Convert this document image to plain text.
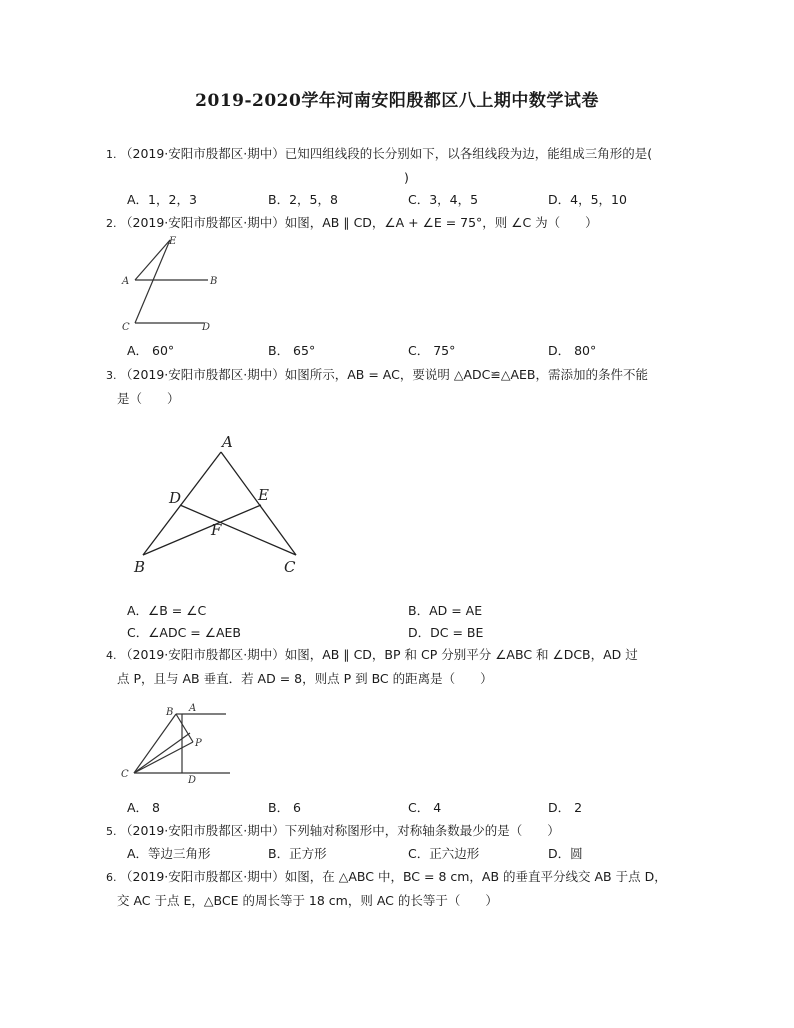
2019-2020学年河南安阳殷都区八上期中数学试卷
1. （2019·安阳市殷都区·期中）已知四组线段的长分别如下，以各组线段为边，能组成三角形的是(
)
A．1，2，3	B．2，5，8	C．3，4，5	D．4，5，10
2. （2019·安阳市殷都区·期中）如图，AB ∥ CD，∠A + ∠E = 75°，则 ∠C 为（　　）
E
A	B
C	D
A． 60°	B． 65°	C． 75°	D． 80°
3. （2019·安阳市殷都区·期中）如图所示，AB = AC，要说明 △ADC≌△AEB，需添加的条件不能
是（　　）
A
D	E
F
B	C
A．∠B = ∠C	B．AD = AE
C．∠ADC = ∠AEB	D．DC = BE
4. （2019·安阳市殷都区·期中）如图，AB ∥ CD，BP 和 CP 分别平分 ∠ABC 和 ∠DCB，AD 过
点 P，且与 AB 垂直．若 AD = 8，则点 P 到 BC 的距离是（　　）
B A
P
C
D
A． 8	B． 6	C． 4	D． 2
5. （2019·安阳市殷都区·期中）下列轴对称图形中，对称轴条数最少的是（　　）
A．等边三角形	B．正方形	C．正六边形	D．圆
6. （2019·安阳市殷都区·期中）如图，在 △ABC 中，BC = 8 cm，AB 的垂直平分线交 AB 于点 D，
交 AC 于点 E，△BCE 的周长等于 18 cm，则 AC 的长等于（　　）
